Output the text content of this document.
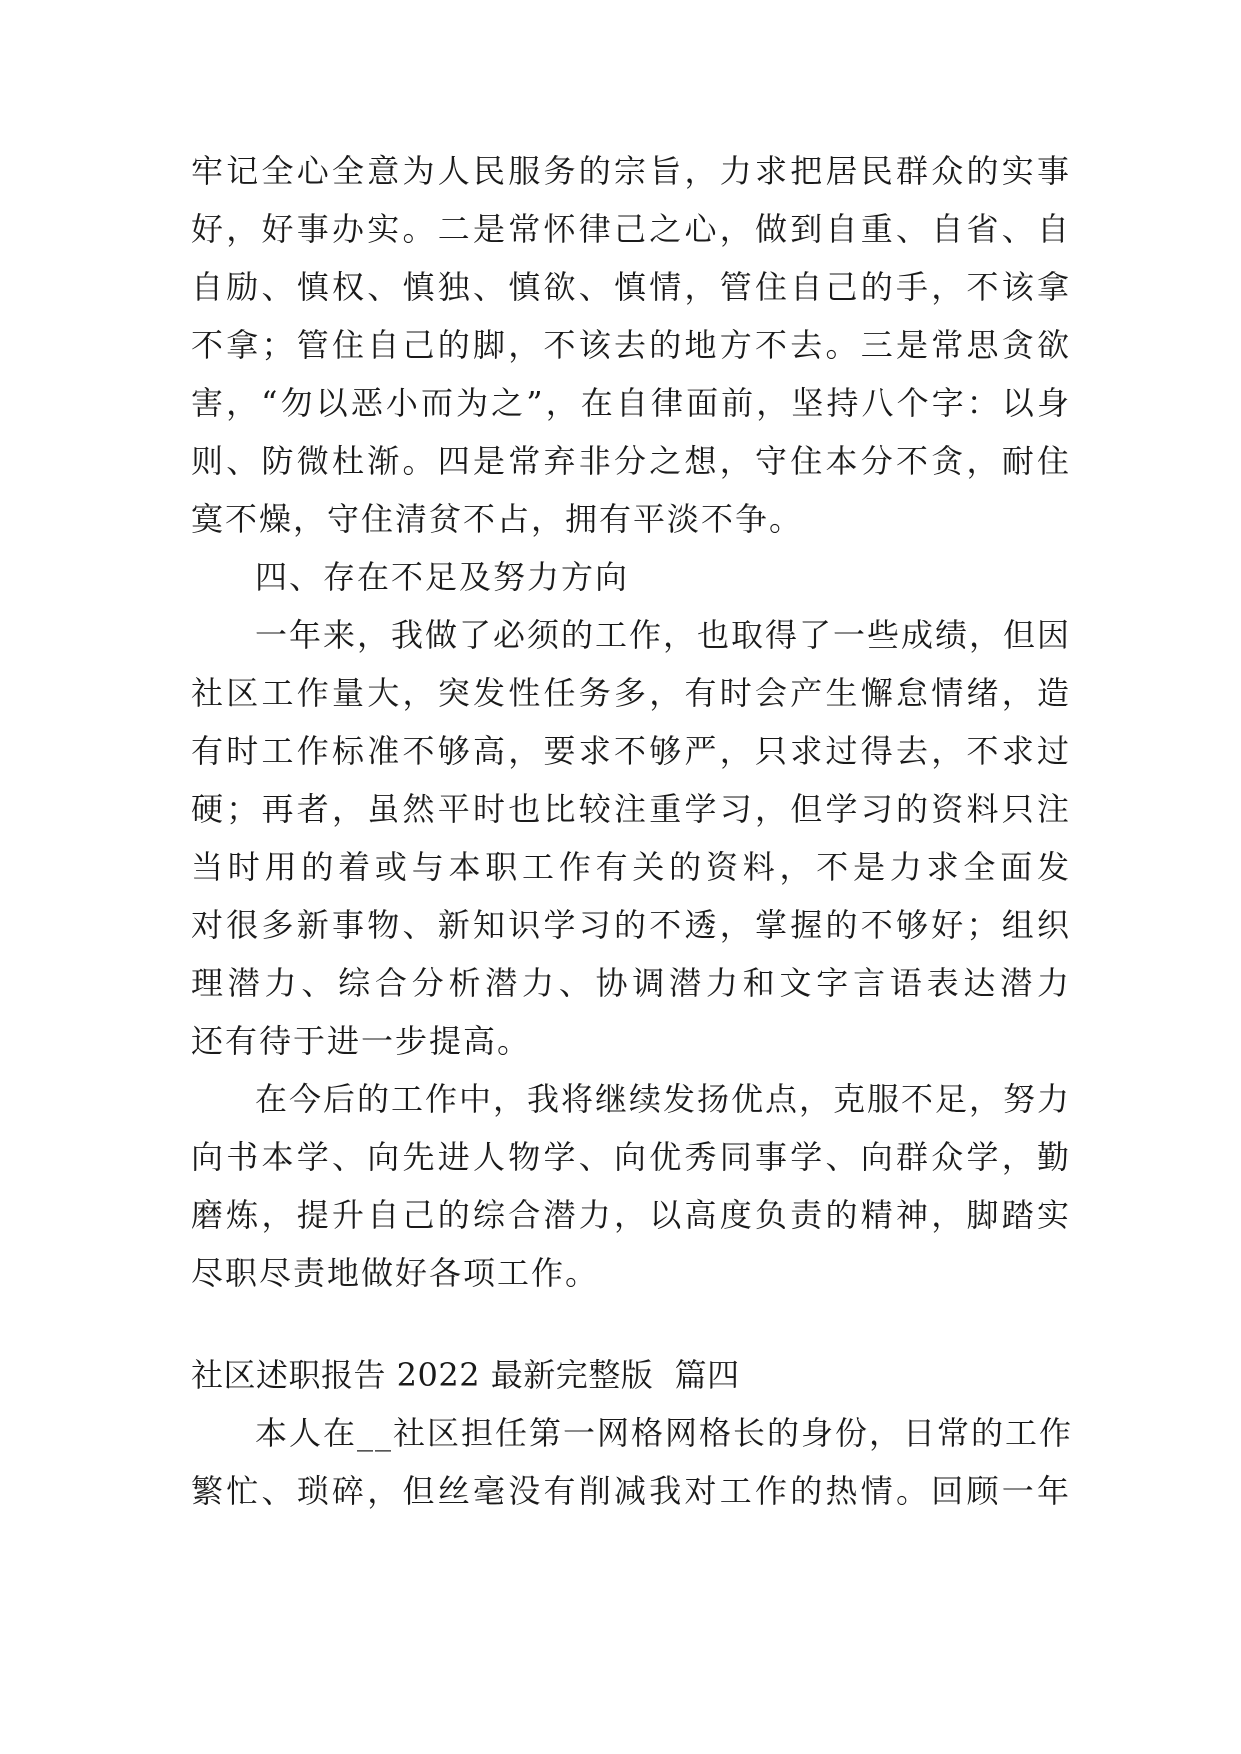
牢记全心全意为人民服务的宗旨，力求把居民群众的实事
好，好事办实。二是常怀律己之心，做到自重、自省、自
自励、慎权、慎独、慎欲、慎情，管住自己的手，不该拿
不拿；管住自己的脚，不该去的地方不去。三是常思贪欲
害，“勿以恶小而为之”，在自律面前，坚持八个字：以身
则、防微杜渐。四是常弃非分之想，守住本分不贪，耐住
寞不燥，守住清贫不占，拥有平淡不争。
四、存在不足及努力方向
一年来，我做了必须的工作，也取得了一些成绩，但因
社区工作量大，突发性任务多，有时会产生懈怠情绪，造
有时工作标准不够高，要求不够严，只求过得去，不求过
硬；再者，虽然平时也比较注重学习，但学习的资料只注
当时用的着或与本职工作有关的资料，不是力求全面发
对很多新事物、新知识学习的不透，掌握的不够好；组织
理潜力、综合分析潜力、协调潜力和文字言语表达潜力
还有待于进一步提高。
在今后的工作中，我将继续发扬优点，克服不足，努力
向书本学、向先进人物学、向优秀同事学、向群众学，勤
磨炼，提升自己的综合潜力，以高度负责的精神，脚踏实
尽职尽责地做好各项工作。
社区述职报告 2022 最新完整版  篇四
本人在__社区担任第一网格网格长的身份，日常的工作
繁忙、琐碎，但丝毫没有削减我对工作的热情。回顾一年
